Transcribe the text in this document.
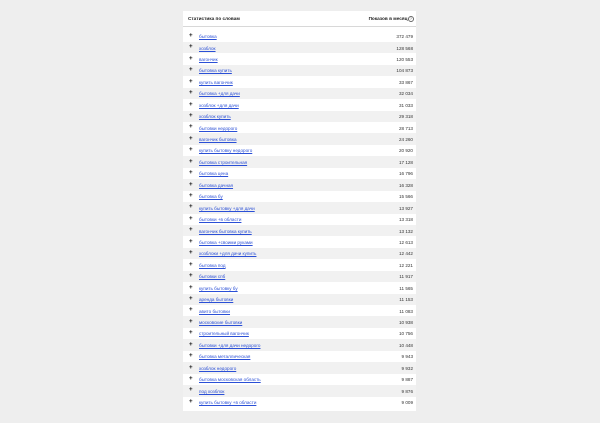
Статистика по словам	Показов в месяц ?
+ бытовка	372 479
+ хозблок	128 568
+ вагончик	120 553
+ бытовка купить	104 873
+ купить вагончик	33 867
+ бытовка +для дачи	32 034
+ хозблок +для дачи	31 033
+ хозблок купить	29 318
+ бытовки недорого	28 713
+ вагончик бытовка	24 260
+ купить бытовку недорого	20 920
+ бытовка строительная	17 128
+ бытовка цена	16 796
+ бытовка дачная	16 328
+ бытовка бу	15 566
+ купить бытовку +для дачи	13 927
+ бытовки +в области	13 318
+ вагончик бытовка купить	13 132
+ бытовка +своими руками	12 613
+ хозблоки +для дачи купить	12 442
+ бытовка под	12 221
+ бытовки спб	11 917
+ купить бытовку бу	11 565
+ аренда бытовки	11 153
+ авито бытовки	11 083
+ московские бытовки	10 938
+ строительный вагончик	10 756
+ бытовки +для дачи недорого	10 448
+ бытовка металлическая	9 943
+ хозблок недорого	9 932
+ бытовка московская область	9 887
+ под хозблок	9 876
+ купить бытовку +в области	9 009
